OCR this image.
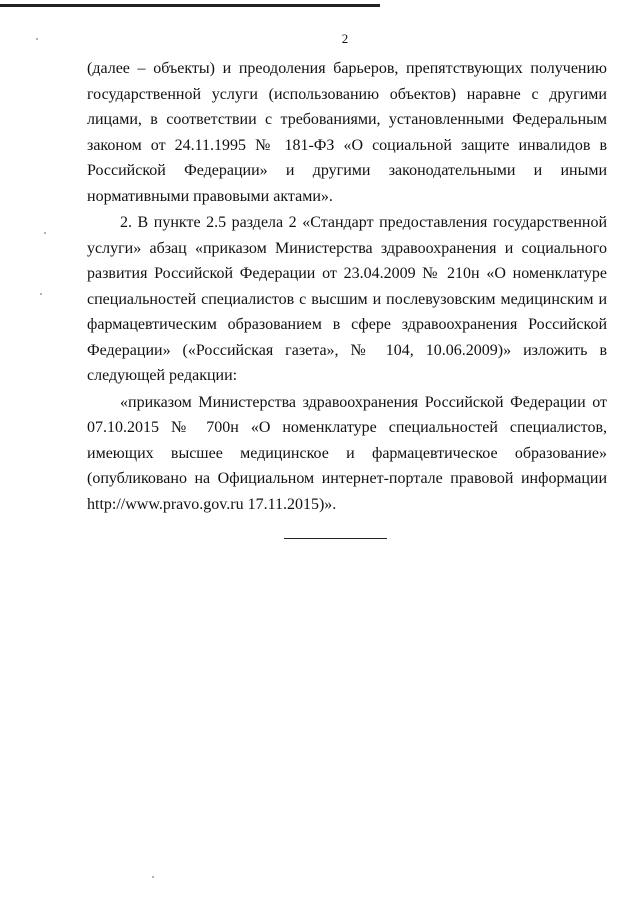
2

(далее – объекты) и преодоления барьеров, препятствующих получению государственной услуги (использованию объектов) наравне с другими лицами, в соответствии с требованиями, установленными Федеральным законом от 24.11.1995 № 181-ФЗ «О социальной защите инвалидов в Российской Федерации» и другими законодательными и иными нормативными правовыми актами».

2. В пункте 2.5 раздела 2 «Стандарт предоставления государственной услуги» абзац «приказом Министерства здравоохранения и социального развития Российской Федерации от 23.04.2009 № 210н «О номенклатуре специальностей специалистов с высшим и послевузовским медицинским и фармацевтическим образованием в сфере здравоохранения Российской Федерации» («Российская газета», № 104, 10.06.2009)» изложить в следующей редакции:

«приказом Министерства здравоохранения Российской Федерации от 07.10.2015 № 700н «О номенклатуре специальностей специалистов, имеющих высшее медицинское и фармацевтическое образование» (опубликовано на Официальном интернет-портале правовой информации http://www.pravo.gov.ru 17.11.2015)».
